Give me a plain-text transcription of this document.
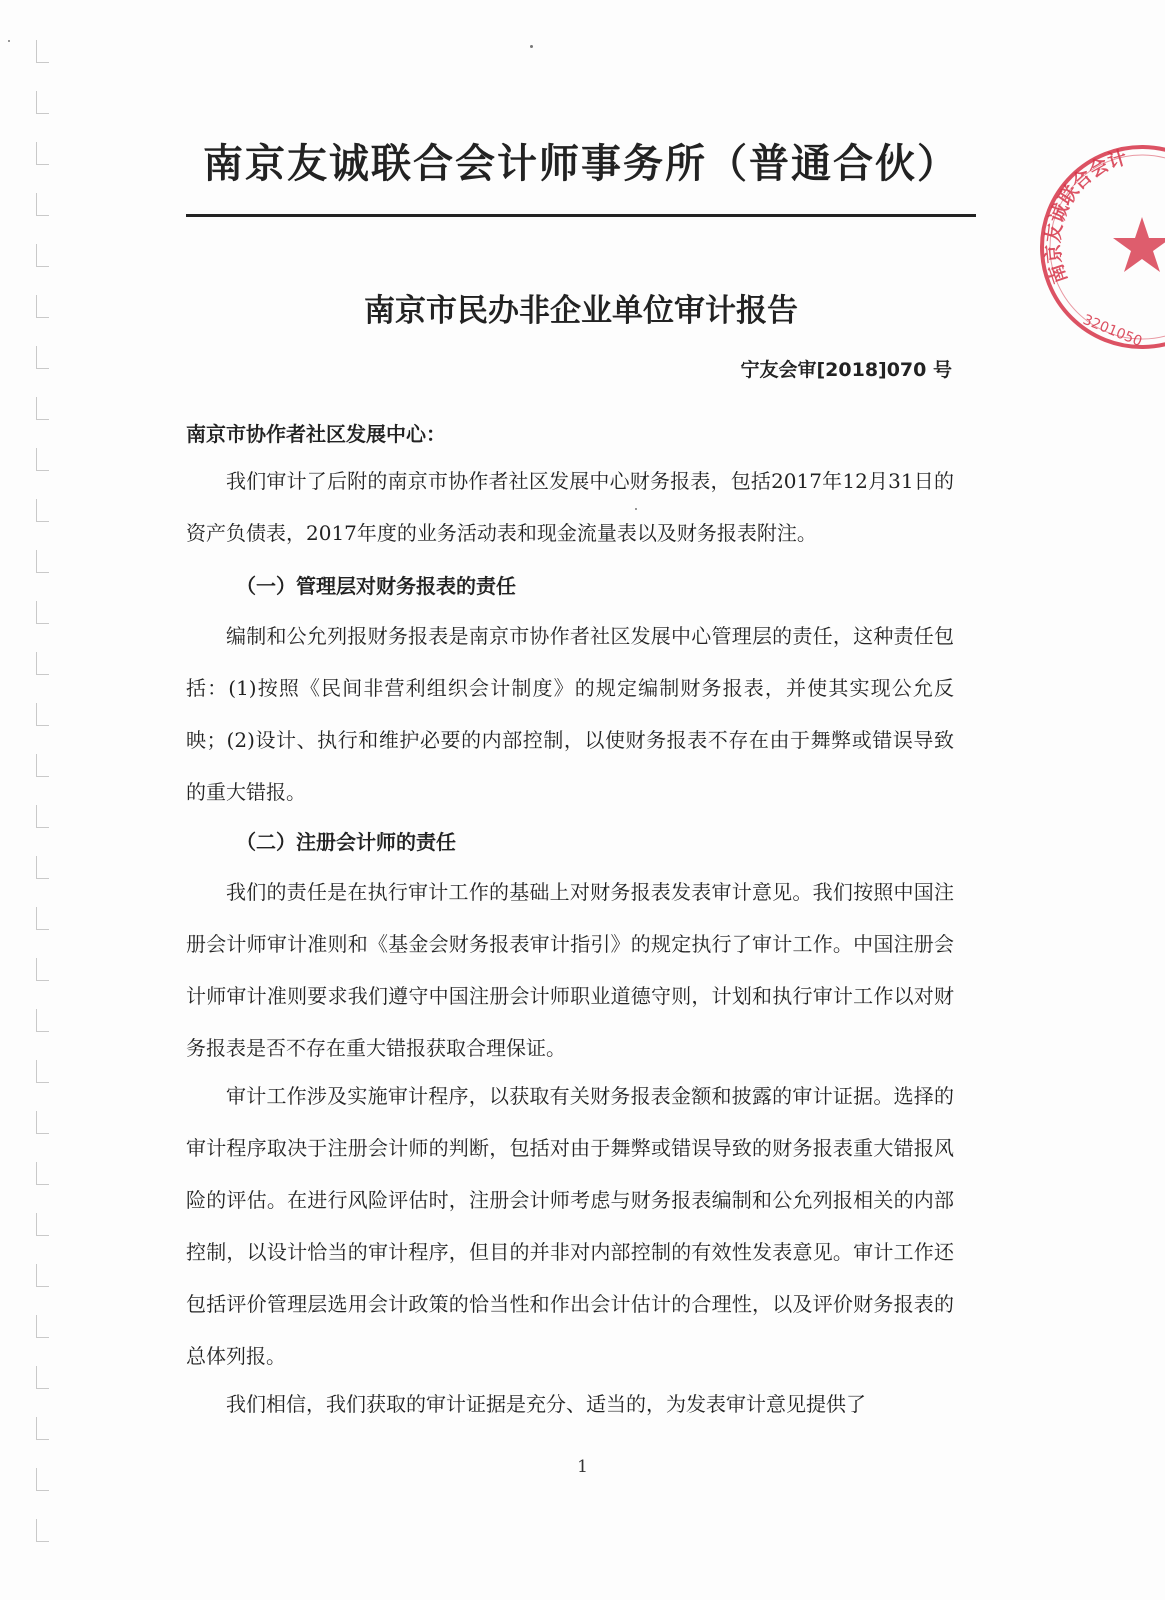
南京友诚联合会计
3201050
南京友诚联合会计师事务所（普通合伙）
南京市民办非企业单位审计报告
宁友会审[2018]070 号
南京市协作者社区发展中心：

我们审计了后附的南京市协作者社区发展中心财务报表，包括2017年12月31日的资产负债表，2017年度的业务活动表和现金流量表以及财务报表附注。

（一）管理层对财务报表的责任

编制和公允列报财务报表是南京市协作者社区发展中心管理层的责任，这种责任包括：(1)按照《民间非营利组织会计制度》的规定编制财务报表，并使其实现公允反映；(2)设计、执行和维护必要的内部控制，以使财务报表不存在由于舞弊或错误导致的重大错报。

（二）注册会计师的责任

我们的责任是在执行审计工作的基础上对财务报表发表审计意见。我们按照中国注册会计师审计准则和《基金会财务报表审计指引》的规定执行了审计工作。中国注册会计师审计准则要求我们遵守中国注册会计师职业道德守则，计划和执行审计工作以对财务报表是否不存在重大错报获取合理保证。

审计工作涉及实施审计程序，以获取有关财务报表金额和披露的审计证据。选择的审计程序取决于注册会计师的判断，包括对由于舞弊或错误导致的财务报表重大错报风险的评估。在进行风险评估时，注册会计师考虑与财务报表编制和公允列报相关的内部控制，以设计恰当的审计程序，但目的并非对内部控制的有效性发表意见。审计工作还包括评价管理层选用会计政策的恰当性和作出会计估计的合理性，以及评价财务报表的总体列报。

我们相信，我们获取的审计证据是充分、适当的，为发表审计意见提供了

1
